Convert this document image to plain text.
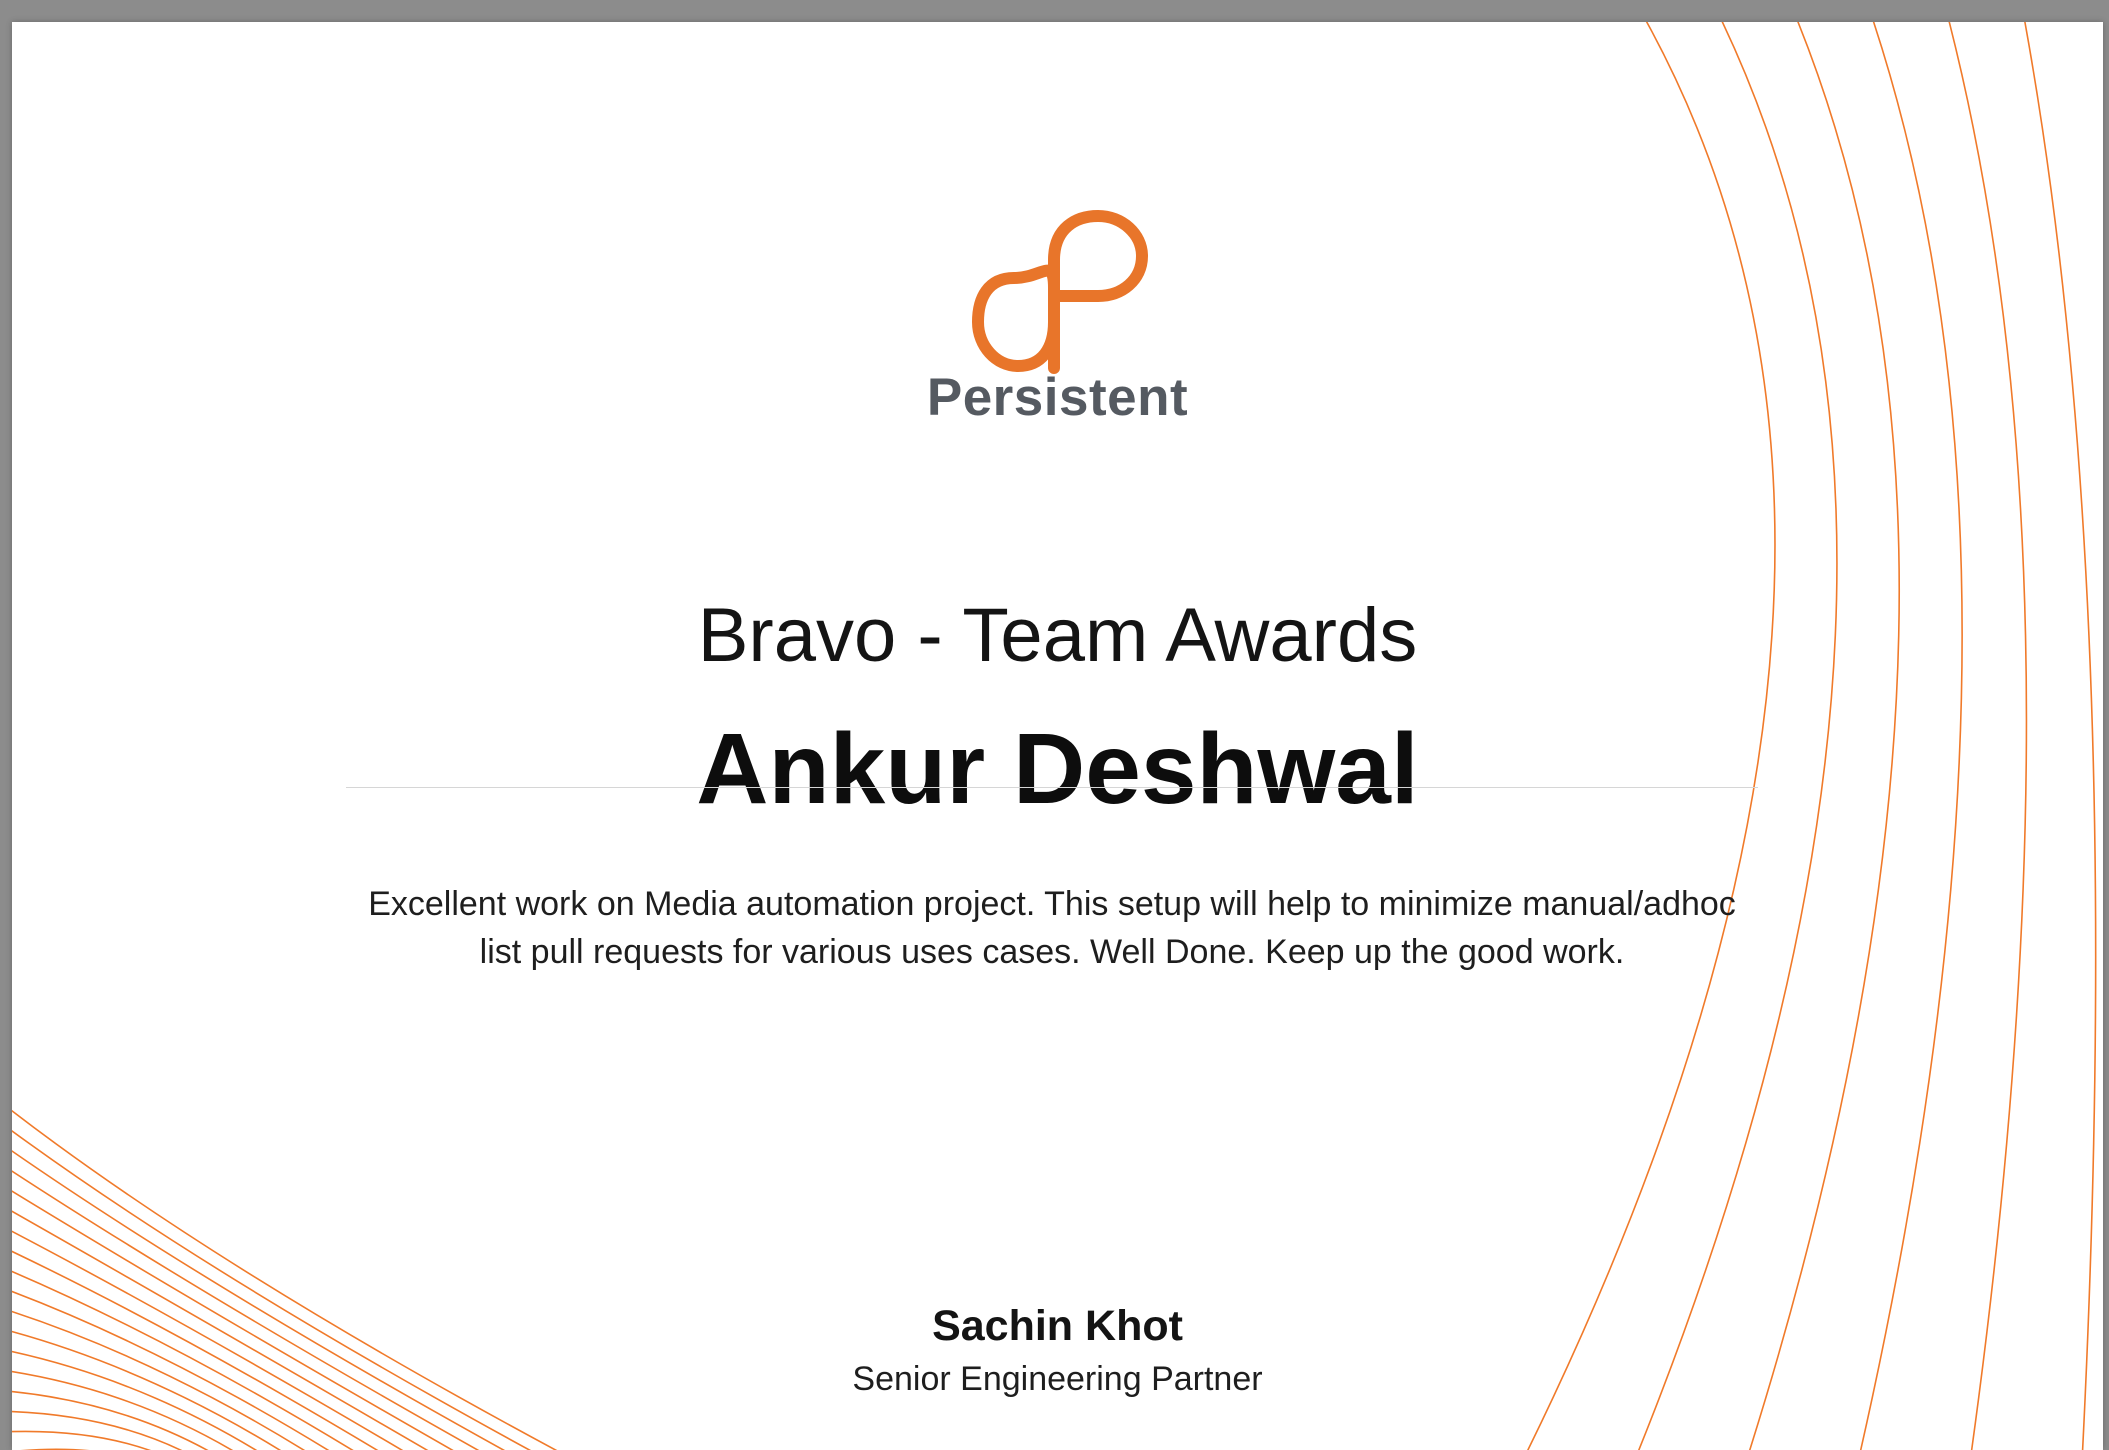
Persistent
Bravo - Team Awards
Ankur Deshwal
Excellent work on Media automation project. This setup will help to minimize manual/adhoc list pull requests for various uses cases. Well Done. Keep up the good work.
Sachin Khot
Senior Engineering Partner
